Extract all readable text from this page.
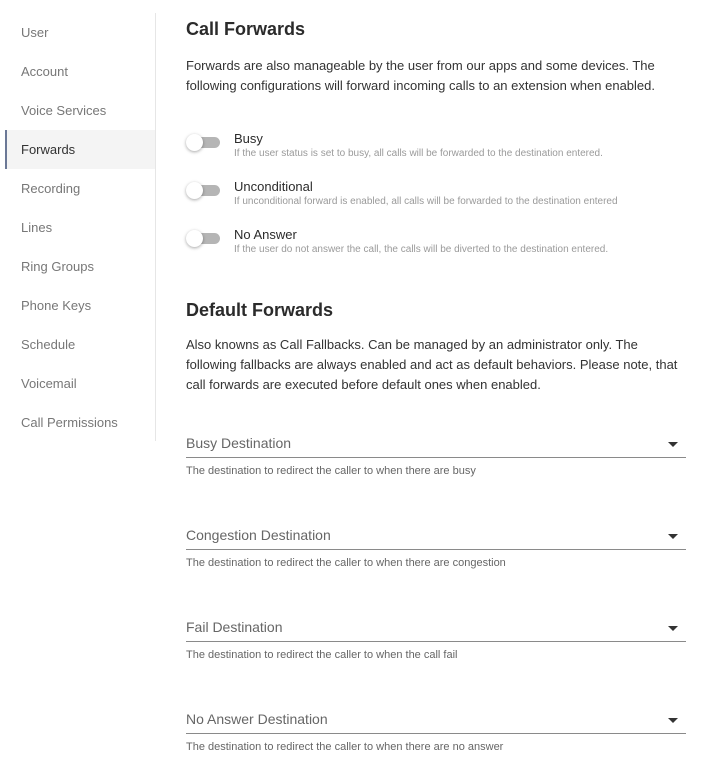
User
Account
Voice Services
Forwards
Recording
Lines
Ring Groups
Phone Keys
Schedule
Voicemail
Call Permissions
Call Forwards

Forwards are also manageable by the user from our apps and some devices. The following configurations will forward incoming calls to an extension when enabled.

Busy
If the user status is set to busy, all calls will be forwarded to the destination entered.
Unconditional
If unconditional forward is enabled, all calls will be forwarded to the destination entered
No Answer
If the user do not answer the call, the calls will be diverted to the destination entered.
Default Forwards

Also knowns as Call Fallbacks. Can be managed by an administrator only. The following fallbacks are always enabled and act as default behaviors. Please note, that call forwards are executed before default ones when enabled.

Busy Destination
The destination to redirect the caller to when there are busy
Congestion Destination
The destination to redirect the caller to when there are congestion
Fail Destination
The destination to redirect the caller to when the call fail
No Answer Destination
The destination to redirect the caller to when there are no answer
